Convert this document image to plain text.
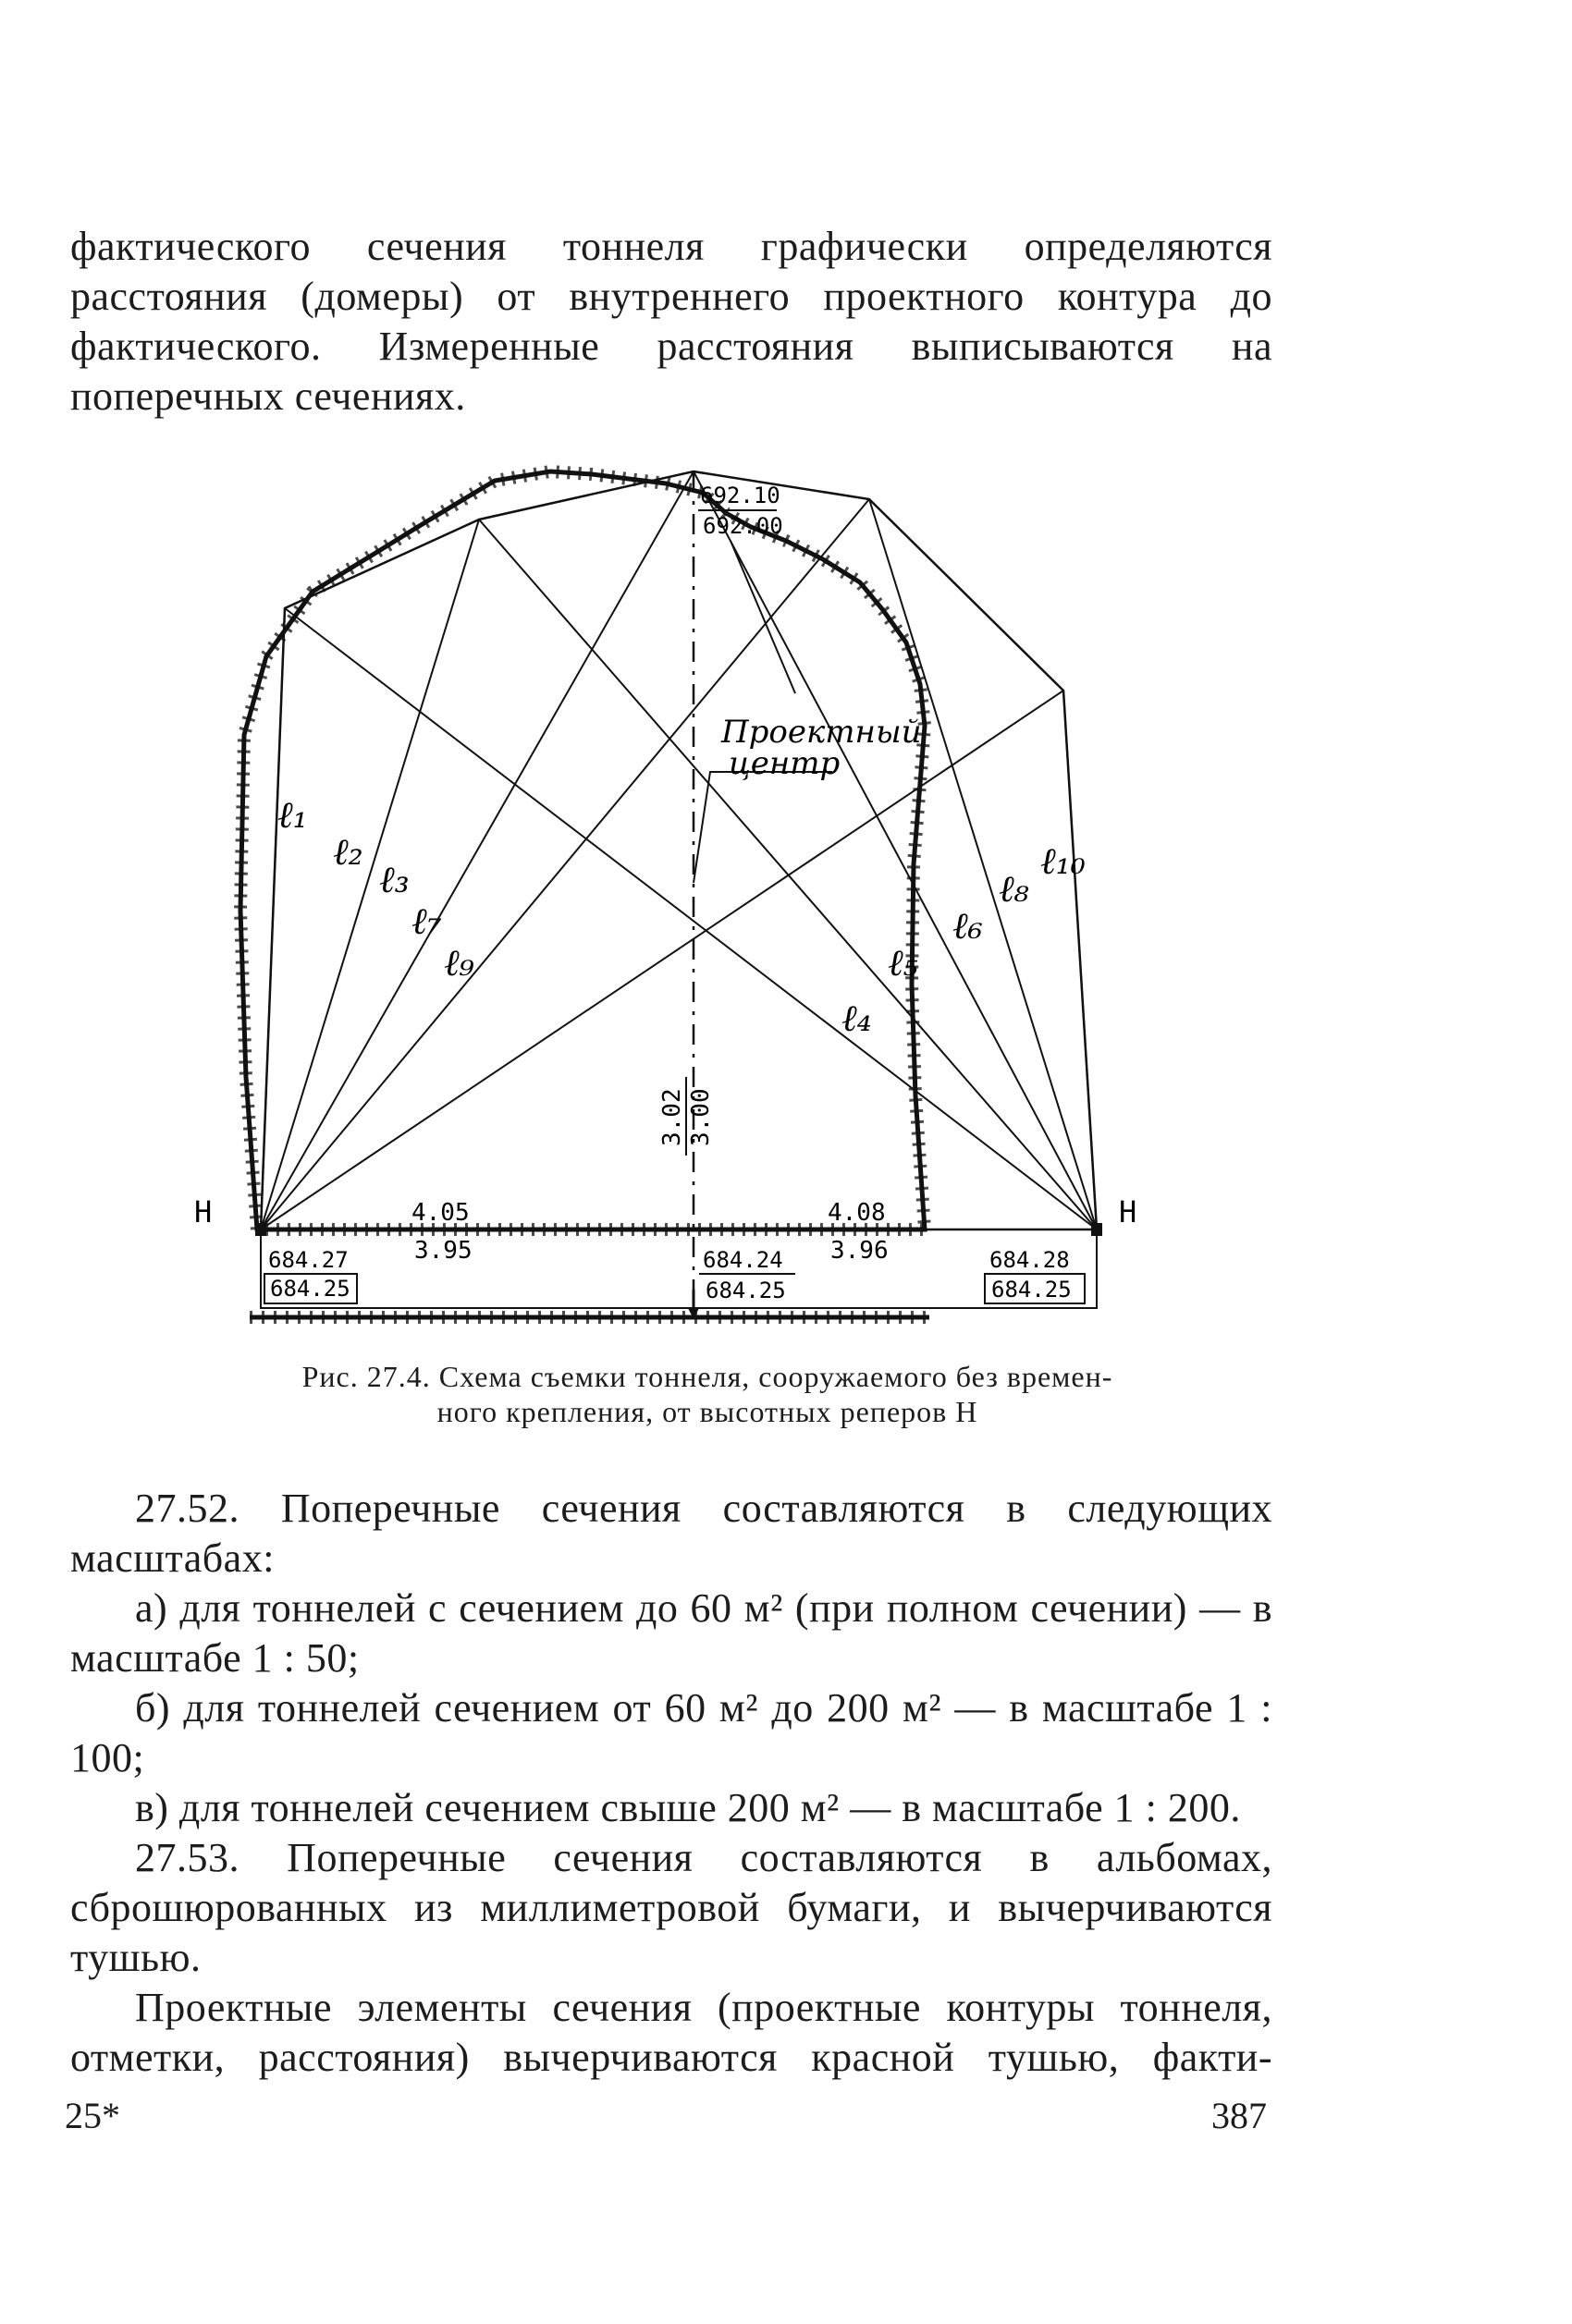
фактического сечения тоннеля графически определяются расстояния (домеры) от внутреннего проектного контура до фактического. Измеренные расстояния выписываются на поперечных сечениях.

692.10
692.00
Проектный
центр
3.02 3.00
4.05
3.95
4.08
3.96
684.27
684.25
684.24
684.25
684.28
684.25
Н	Н
ℓ₁
ℓ₂
ℓ₃
ℓ₉
ℓ₇
ℓ₄
ℓ₅
ℓ₆
ℓ₈
ℓ₁₀
Рис. 27.4. Схема съемки тоннеля, сооружаемого без времен-
ного крепления, от высотных реперов Н

27.52. Поперечные сечения составляются в следующих масштабах:

а) для тоннелей с сечением до 60 м² (при полном сечении) — в масштабе 1 : 50;

б) для тоннелей сечением от 60 м² до 200 м² — в масштабе 1 : 100;

в) для тоннелей сечением свыше 200 м² — в масштабе 1 : 200.

27.53. Поперечные сечения составляются в альбомах, сброшюрованных из миллиметровой бумаги, и вычерчиваются тушью.

Проектные элементы сечения (проектные контуры тоннеля, отметки, расстояния) вычерчиваются красной тушью, факти-

25*	387
